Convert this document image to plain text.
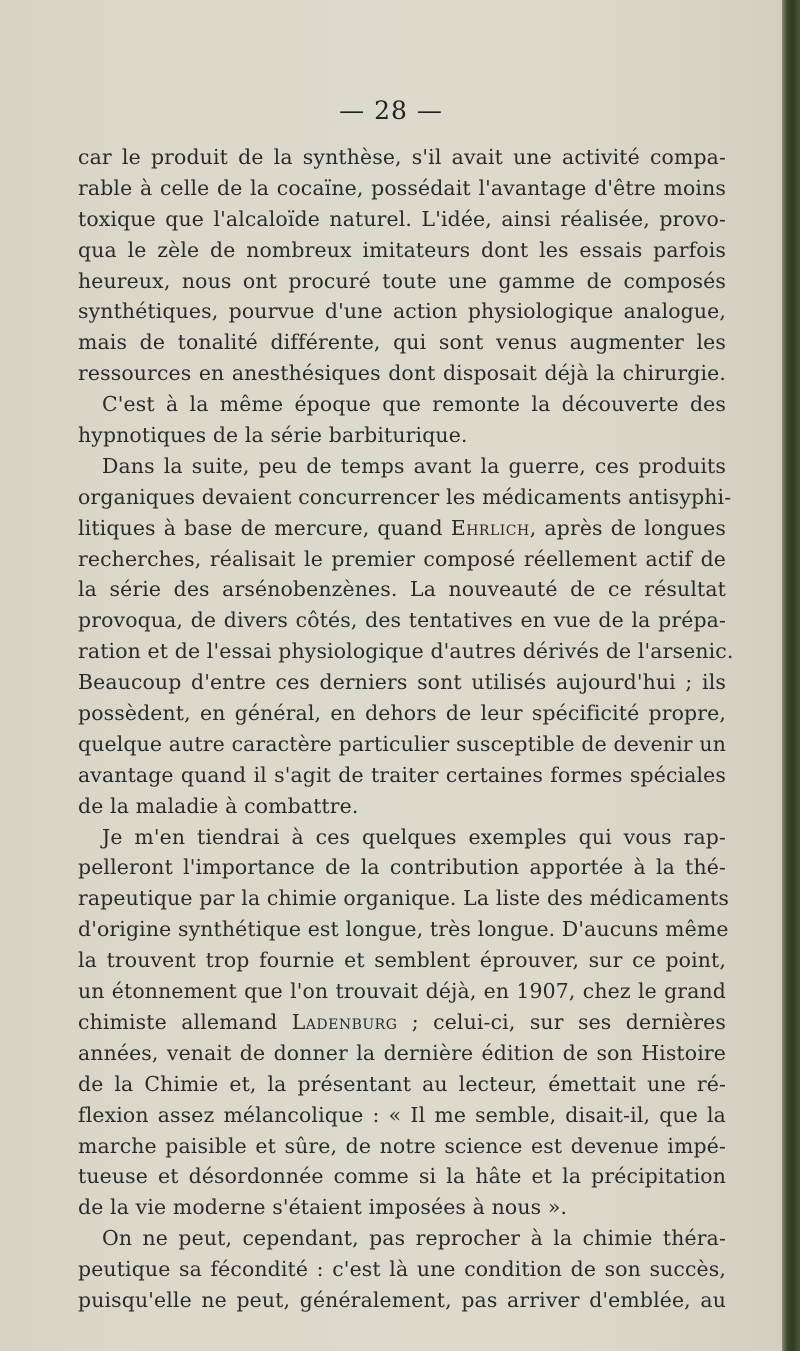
— 28 —
car le produit de la synthèse, s'il avait une activité compa-
rable à celle de la cocaïne, possédait l'avantage d'être moins
toxique que l'alcaloïde naturel. L'idée, ainsi réalisée, provo-
qua le zèle de nombreux imitateurs dont les essais parfois
heureux, nous ont procuré toute une gamme de composés
synthétiques, pourvue d'une action physiologique analogue,
mais de tonalité différente, qui sont venus augmenter les
ressources en anesthésiques dont disposait déjà la chirurgie.
C'est à la même époque que remonte la découverte des
hypnotiques de la série barbiturique.
Dans la suite, peu de temps avant la guerre, ces produits
organiques devaient concurrencer les médicaments antisyphi-
litiques à base de mercure, quand Ehrlich, après de longues
recherches, réalisait le premier composé réellement actif de
la série des arsénobenzènes. La nouveauté de ce résultat
provoqua, de divers côtés, des tentatives en vue de la prépa-
ration et de l'essai physiologique d'autres dérivés de l'arsenic.
Beaucoup d'entre ces derniers sont utilisés aujourd'hui ; ils
possèdent, en général, en dehors de leur spécificité propre,
quelque autre caractère particulier susceptible de devenir un
avantage quand il s'agit de traiter certaines formes spéciales
de la maladie à combattre.
Je m'en tiendrai à ces quelques exemples qui vous rap-
pelleront l'importance de la contribution apportée à la thé-
rapeutique par la chimie organique. La liste des médicaments
d'origine synthétique est longue, très longue. D'aucuns même
la trouvent trop fournie et semblent éprouver, sur ce point,
un étonnement que l'on trouvait déjà, en 1907, chez le grand
chimiste allemand Ladenburg ; celui-ci, sur ses dernières
années, venait de donner la dernière édition de son Histoire
de la Chimie et, la présentant au lecteur, émettait une ré-
flexion assez mélancolique : « Il me semble, disait-il, que la
marche paisible et sûre, de notre science est devenue impé-
tueuse et désordonnée comme si la hâte et la précipitation
de la vie moderne s'étaient imposées à nous ».
On ne peut, cependant, pas reprocher à la chimie théra-
peutique sa fécondité : c'est là une condition de son succès,
puisqu'elle ne peut, généralement, pas arriver d'emblée, au
